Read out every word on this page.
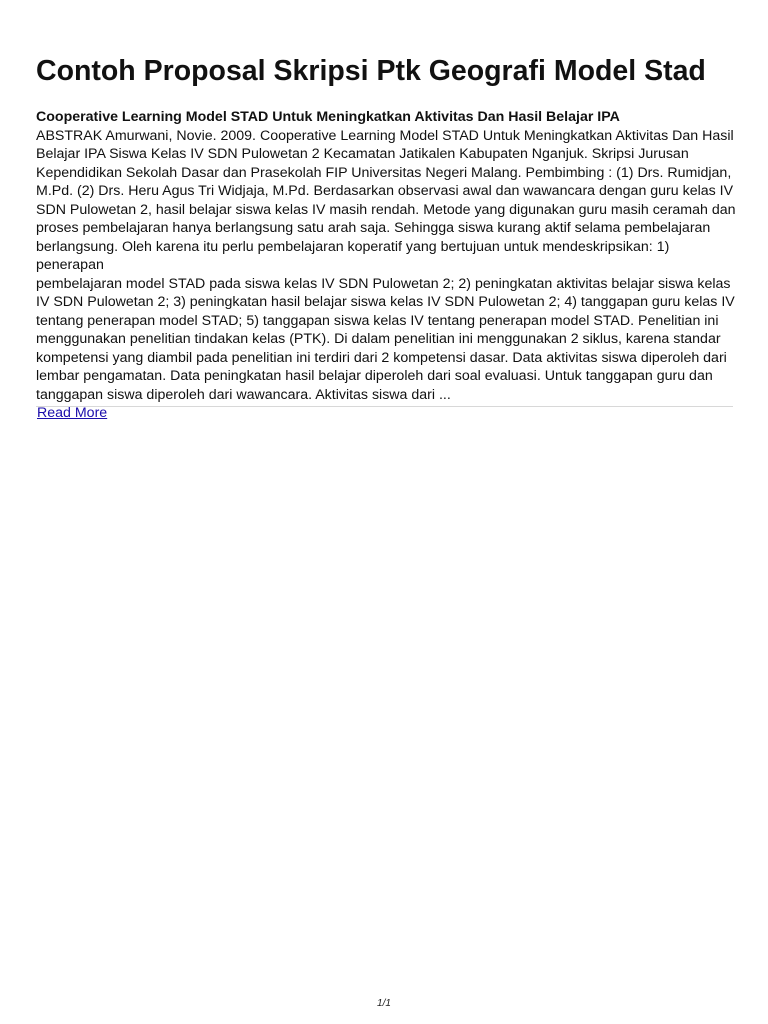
Contoh Proposal Skripsi Ptk Geografi Model Stad
Cooperative Learning Model STAD Untuk Meningkatkan Aktivitas Dan Hasil Belajar IPA

ABSTRAK Amurwani, Novie. 2009. Cooperative Learning Model STAD Untuk Meningkatkan Aktivitas Dan Hasil
Belajar IPA Siswa Kelas IV SDN Pulowetan 2 Kecamatan Jatikalen Kabupaten Nganjuk. Skripsi Jurusan
Kependidikan Sekolah Dasar dan Prasekolah FIP Universitas Negeri Malang. Pembimbing : (1) Drs. Rumidjan,
M.Pd. (2) Drs. Heru Agus Tri Widjaja, M.Pd. Berdasarkan observasi awal dan wawancara dengan guru kelas IV
SDN Pulowetan 2, hasil belajar siswa kelas IV masih rendah. Metode yang digunakan guru masih ceramah dan
proses pembelajaran hanya berlangsung satu arah saja. Sehingga siswa kurang aktif selama pembelajaran
berlangsung. Oleh karena itu perlu pembelajaran koperatif yang bertujuan untuk mendeskripsikan: 1) penerapan
pembelajaran model STAD pada siswa kelas IV SDN Pulowetan 2; 2) peningkatan aktivitas belajar siswa kelas
IV SDN Pulowetan 2; 3) peningkatan hasil belajar siswa kelas IV SDN Pulowetan 2; 4) tanggapan guru kelas IV
tentang penerapan model STAD; 5) tanggapan siswa kelas IV tentang penerapan model STAD. Penelitian ini
menggunakan penelitian tindakan kelas (PTK). Di dalam penelitian ini menggunakan 2 siklus, karena standar
kompetensi yang diambil pada penelitian ini terdiri dari 2 kompetensi dasar. Data aktivitas siswa diperoleh dari
lembar pengamatan. Data peningkatan hasil belajar diperoleh dari soal evaluasi. Untuk tanggapan guru dan
tanggapan siswa diperoleh dari wawancara. Aktivitas siswa dari ...

Read More
1/1
